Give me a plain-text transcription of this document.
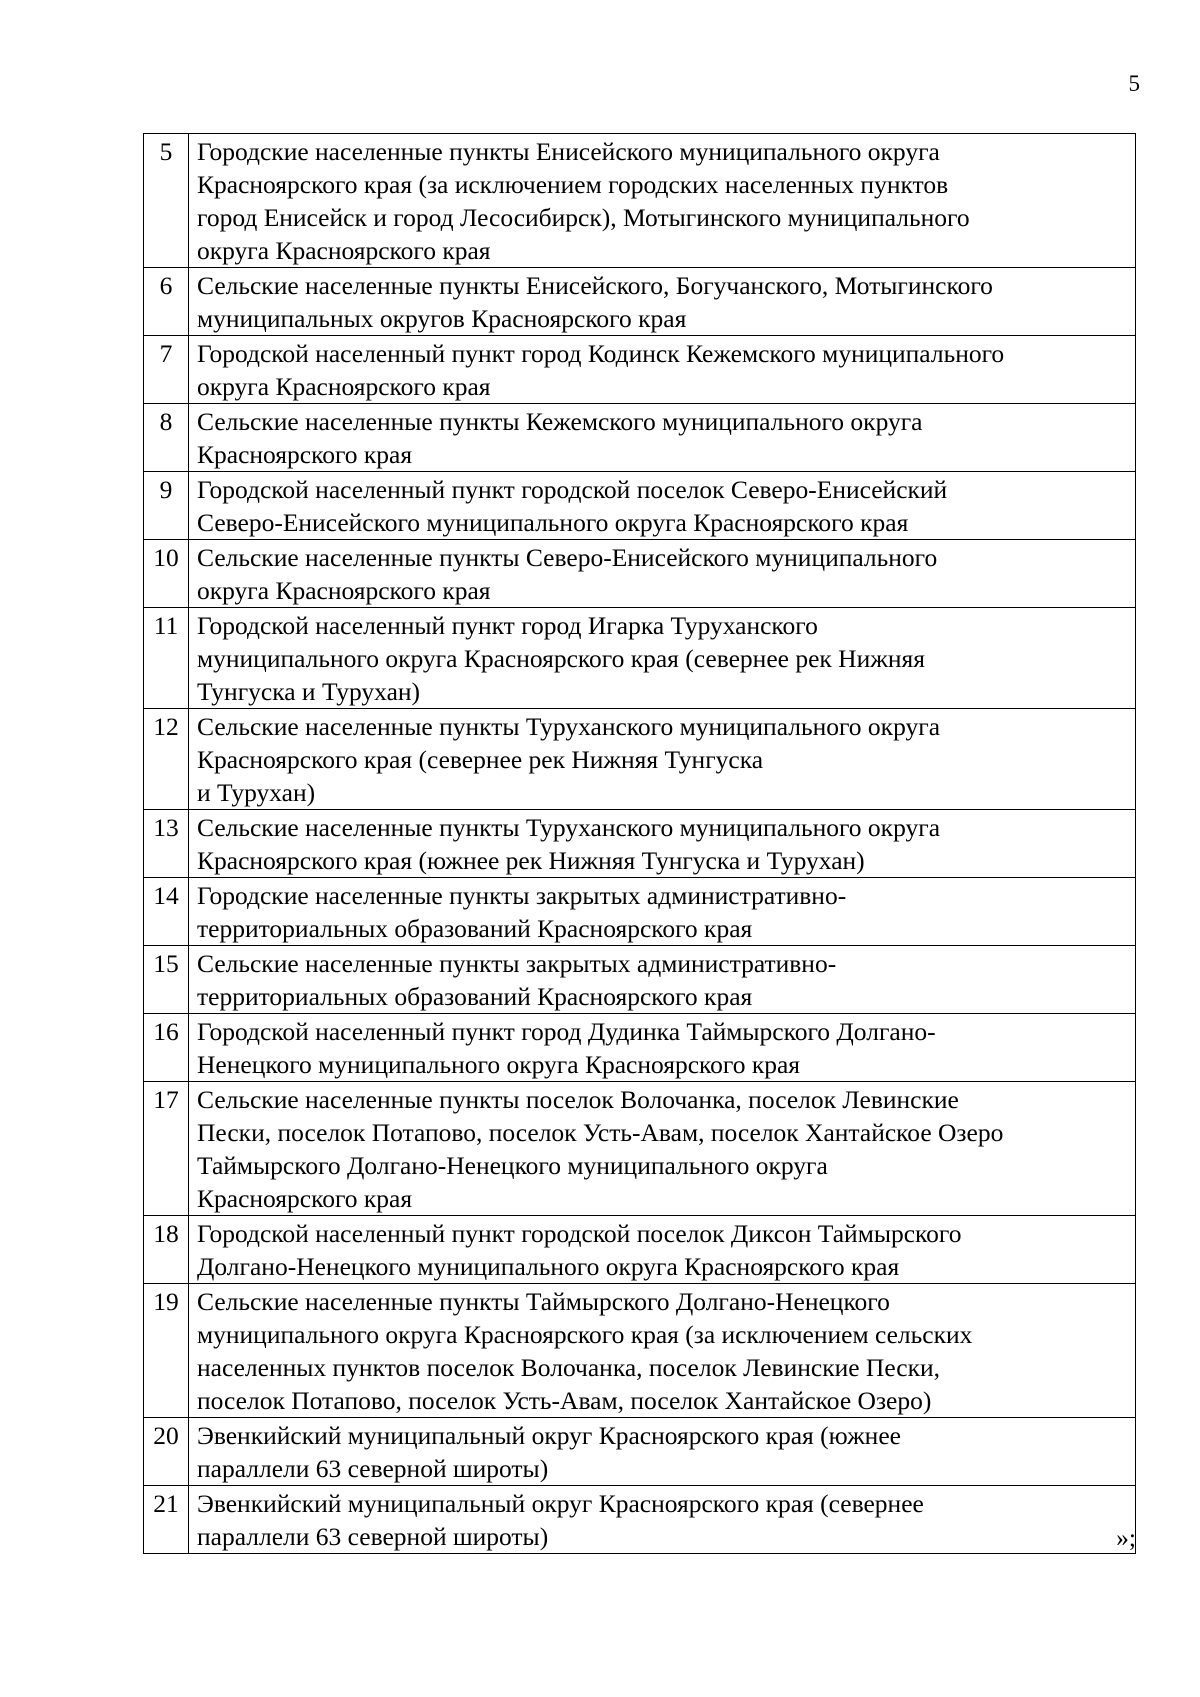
5
5	Городские населенные пункты Енисейского муниципального округа
Красноярского края (за исключением городских населенных пунктов
город Енисейск и город Лесосибирск), Мотыгинского муниципального
округа Красноярского края
6	Сельские населенные пункты Енисейского, Богучанского, Мотыгинского
муниципальных округов Красноярского края
7	Городской населенный пункт город Кодинск Кежемского муниципального
округа Красноярского края
8	Сельские населенные пункты Кежемского муниципального округа
Красноярского края
9	Городской населенный пункт городской поселок Северо-Енисейский
Северо-Енисейского муниципального округа Красноярского края
10	Сельские населенные пункты Северо-Енисейского муниципального
округа Красноярского края
11	Городской населенный пункт город Игарка Туруханского
муниципального округа Красноярского края (севернее рек Нижняя
Тунгуска и Турухан)
12	Сельские населенные пункты Туруханского муниципального округа
Красноярского края (севернее рек Нижняя Тунгуска
и Турухан)
13	Сельские населенные пункты Туруханского муниципального округа
Красноярского края (южнее рек Нижняя Тунгуска и Турухан)
14	Городские населенные пункты закрытых административно-
территориальных образований Красноярского края
15	Сельские населенные пункты закрытых административно-
территориальных образований Красноярского края
16	Городской населенный пункт город Дудинка Таймырского Долгано-
Ненецкого муниципального округа Красноярского края
17	Сельские населенные пункты поселок Волочанка, поселок Левинские
Пески, поселок Потапово, поселок Усть-Авам, поселок Хантайское Озеро
Таймырского Долгано-Ненецкого муниципального округа
Красноярского края
18	Городской населенный пункт городской поселок Диксон Таймырского
Долгано-Ненецкого муниципального округа Красноярского края
19	Сельские населенные пункты Таймырского Долгано-Ненецкого
муниципального округа Красноярского края (за исключением сельских
населенных пунктов поселок Волочанка, поселок Левинские Пески,
поселок Потапово, поселок Усть-Авам, поселок Хантайское Озеро)
20	Эвенкийский муниципальный округ Красноярского края (южнее
параллели 63 северной широты)
21	Эвенкийский муниципальный округ Красноярского края (севернее
параллели 63 северной широты)	»;
